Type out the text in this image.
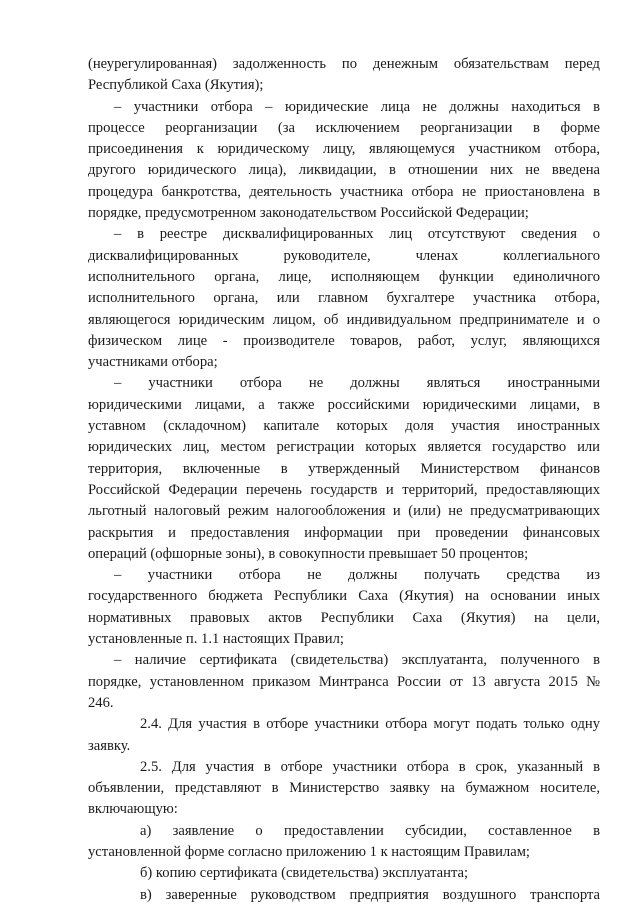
(неурегулированная) задолженность по денежным обязательствам перед
Республикой Саха (Якутия);
– участники отбора – юридические лица не должны находиться в
процессе реорганизации (за исключением реорганизации в форме
присоединения к юридическому лицу, являющемуся участником отбора,
другого юридического лица), ликвидации, в отношении них не введена
процедура банкротства, деятельность участника отбора не приостановлена в
порядке, предусмотренном законодательством Российской Федерации;
– в реестре дисквалифицированных лиц отсутствуют сведения о
дисквалифицированных руководителе, членах коллегиального
исполнительного органа, лице, исполняющем функции единоличного
исполнительного органа, или главном бухгалтере участника отбора,
являющегося юридическим лицом, об индивидуальном предпринимателе и о
физическом лице - производителе товаров, работ, услуг, являющихся
участниками отбора;
– участники отбора не должны являться иностранными
юридическими лицами, а также российскими юридическими лицами, в
уставном (складочном) капитале которых доля участия иностранных
юридических лиц, местом регистрации которых является государство или
территория, включенные в утвержденный Министерством финансов
Российской Федерации перечень государств и территорий, предоставляющих
льготный налоговый режим налогообложения и (или) не предусматривающих
раскрытия и предоставления информации при проведении финансовых
операций (офшорные зоны), в совокупности превышает 50 процентов;
– участники отбора не должны получать средства из
государственного бюджета Республики Саха (Якутия) на основании иных
нормативных правовых актов Республики Саха (Якутия) на цели,
установленные п. 1.1 настоящих Правил;
– наличие сертификата (свидетельства) эксплуатанта, полученного в
порядке, установленном приказом Минтранса России от 13 августа 2015 №
246.
2.4. Для участия в отборе участники отбора могут подать только одну
заявку.
2.5. Для участия в отборе участники отбора в срок, указанный в
объявлении, представляют в Министерство заявку на бумажном носителе,
включающую:
а) заявление о предоставлении субсидии, составленное в
установленной форме согласно приложению 1 к настоящим Правилам;
б) копию сертификата (свидетельства) эксплуатанта;
в) заверенные руководством предприятия воздушного транспорта
